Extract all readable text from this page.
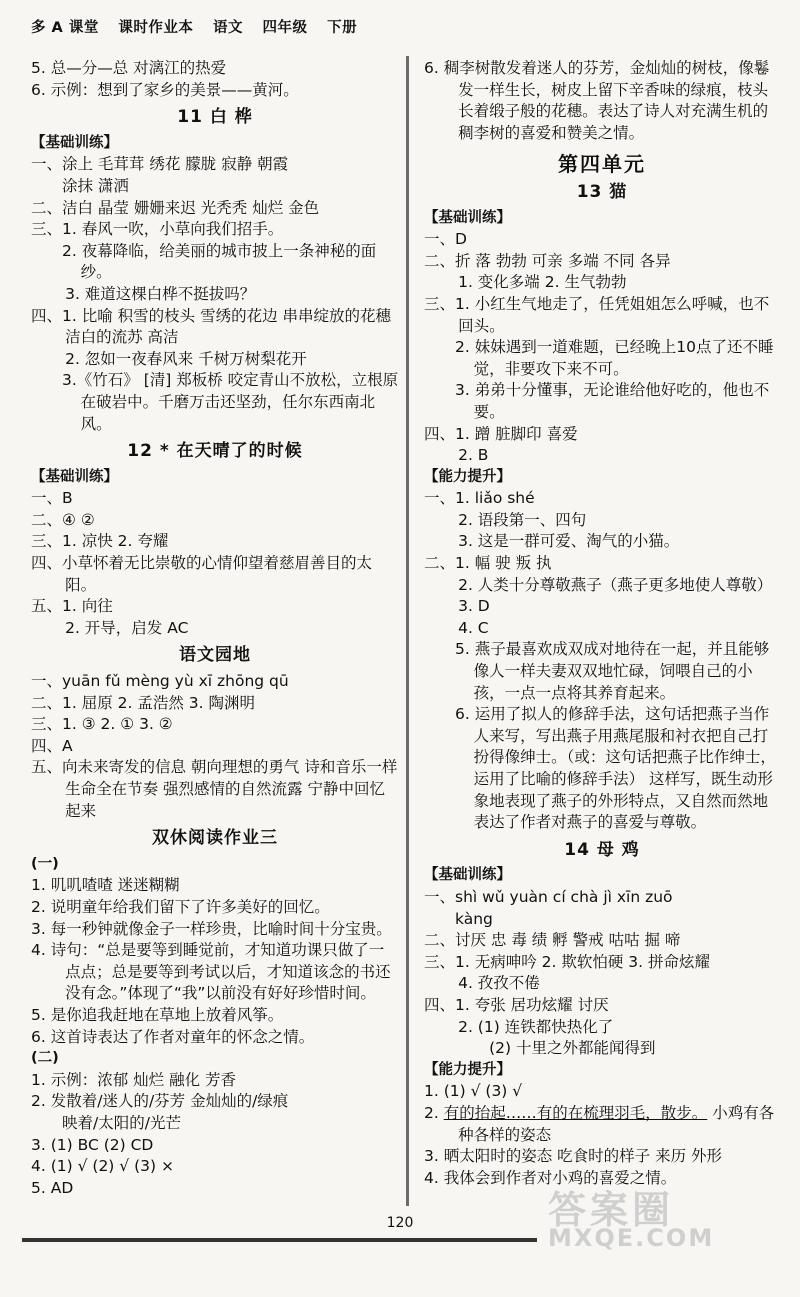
多 A 课堂 课时作业本 语文 四年级 下册
5. 总—分—总 对漓江的热爱
6. 示例：想到了家乡的美景——黄河。
11 白 桦
【基础训练】
一、涂上 毛茸茸 绣花 朦胧 寂静 朝霞
涂抹 潇洒
二、洁白 晶莹 姗姗来迟 光秃秃 灿烂 金色
三、1. 春风一吹，小草向我们招手。
2. 夜幕降临，给美丽的城市披上一条神秘的面纱。
3. 难道这棵白桦不挺拔吗？
四、1. 比喻 积雪的枝头 雪绣的花边 串串绽放的花穗 洁白的流苏 高洁
2. 忽如一夜春风来 千树万树梨花开
3.《竹石》 [清] 郑板桥 咬定青山不放松，立根原在破岩中。千磨万击还坚劲，任尔东西南北风。
12 * 在天晴了的时候
【基础训练】
一、B
二、④ ②
三、1. 凉快 2. 夸耀
四、小草怀着无比崇敬的心情仰望着慈眉善目的太阳。
五、1. 向往
2. 开导，启发 AC
语文园地
一、yuān fǔ mèng yù xī zhōng qū
二、1. 屈原 2. 孟浩然 3. 陶渊明
三、1. ③ 2. ① 3. ②
四、A
五、向未来寄发的信息 朝向理想的勇气 诗和音乐一样 生命全在节奏 强烈感情的自然流露 宁静中回忆起来
双休阅读作业三
(一)
1. 叽叽喳喳 迷迷糊糊
2. 说明童年给我们留下了许多美好的回忆。
3. 每一秒钟就像金子一样珍贵，比喻时间十分宝贵。
4. 诗句：“总是要等到睡觉前，才知道功课只做了一点点；总是要等到考试以后，才知道该念的书还没有念。”体现了“我”以前没有好好珍惜时间。
5. 是你追我赶地在草地上放着风筝。
6. 这首诗表达了作者对童年的怀念之情。
(二)
1. 示例：浓郁 灿烂 融化 芳香
2. 发散着/迷人的/芬芳 金灿灿的/绿痕
映着/太阳的/光芒
3. (1) BC (2) CD
4. (1) √ (2) √ (3) ×
5. AD
6. 稠李树散发着迷人的芬芳，金灿灿的树枝，像鬈发一样生长，树皮上留下辛香味的绿痕，枝头长着缎子般的花穗。表达了诗人对充满生机的稠李树的喜爱和赞美之情。
第四单元
13 猫
【基础训练】
一、D
二、折 落 勃勃 可亲 多端 不同 各异
1. 变化多端 2. 生气勃勃
三、1. 小红生气地走了，任凭姐姐怎么呼喊，也不回头。
2. 妹妹遇到一道难题，已经晚上10点了还不睡觉，非要攻下来不可。
3. 弟弟十分懂事，无论谁给他好吃的，他也不要。
四、1. 蹭 脏脚印 喜爱
2. B
【能力提升】
一、1. liǎo shé
2. 语段第一、四句
3. 这是一群可爱、淘气的小猫。
二、1. 幅 驶 叛 执
2. 人类十分尊敬燕子（燕子更多地使人尊敬）
3. D
4. C
5. 燕子最喜欢成双成对地待在一起，并且能够像人一样夫妻双双地忙碌，饲喂自己的小孩，一点一点将其养育起来。
6. 运用了拟人的修辞手法，这句话把燕子当作人来写，写出燕子用燕尾服和衬衣把自己打扮得像绅士。（或：这句话把燕子比作绅士，运用了比喻的修辞手法） 这样写，既生动形象地表现了燕子的外形特点，又自然而然地表达了作者对燕子的喜爱与尊敬。
14 母 鸡
【基础训练】
一、shì wǔ yuàn cí chà jì xīn zuō
kàng
二、讨厌 忠 毒 绩 孵 警戒 咕咕 掘 啼
三、1. 无病呻吟 2. 欺软怕硬 3. 拼命炫耀
4. 孜孜不倦
四、1. 夸张 居功炫耀 讨厌
2. (1) 连铁都快热化了
(2) 十里之外都能闻得到
【能力提升】
1. (1) √ (3) √
2. 有的抬起……有的在梳理羽毛，散步。 小鸡有各种各样的姿态
3. 晒太阳时的姿态 吃食时的样子 来历 外形
4. 我体会到作者对小鸡的喜爱之情。
120	答案圈
MXQE.COM
